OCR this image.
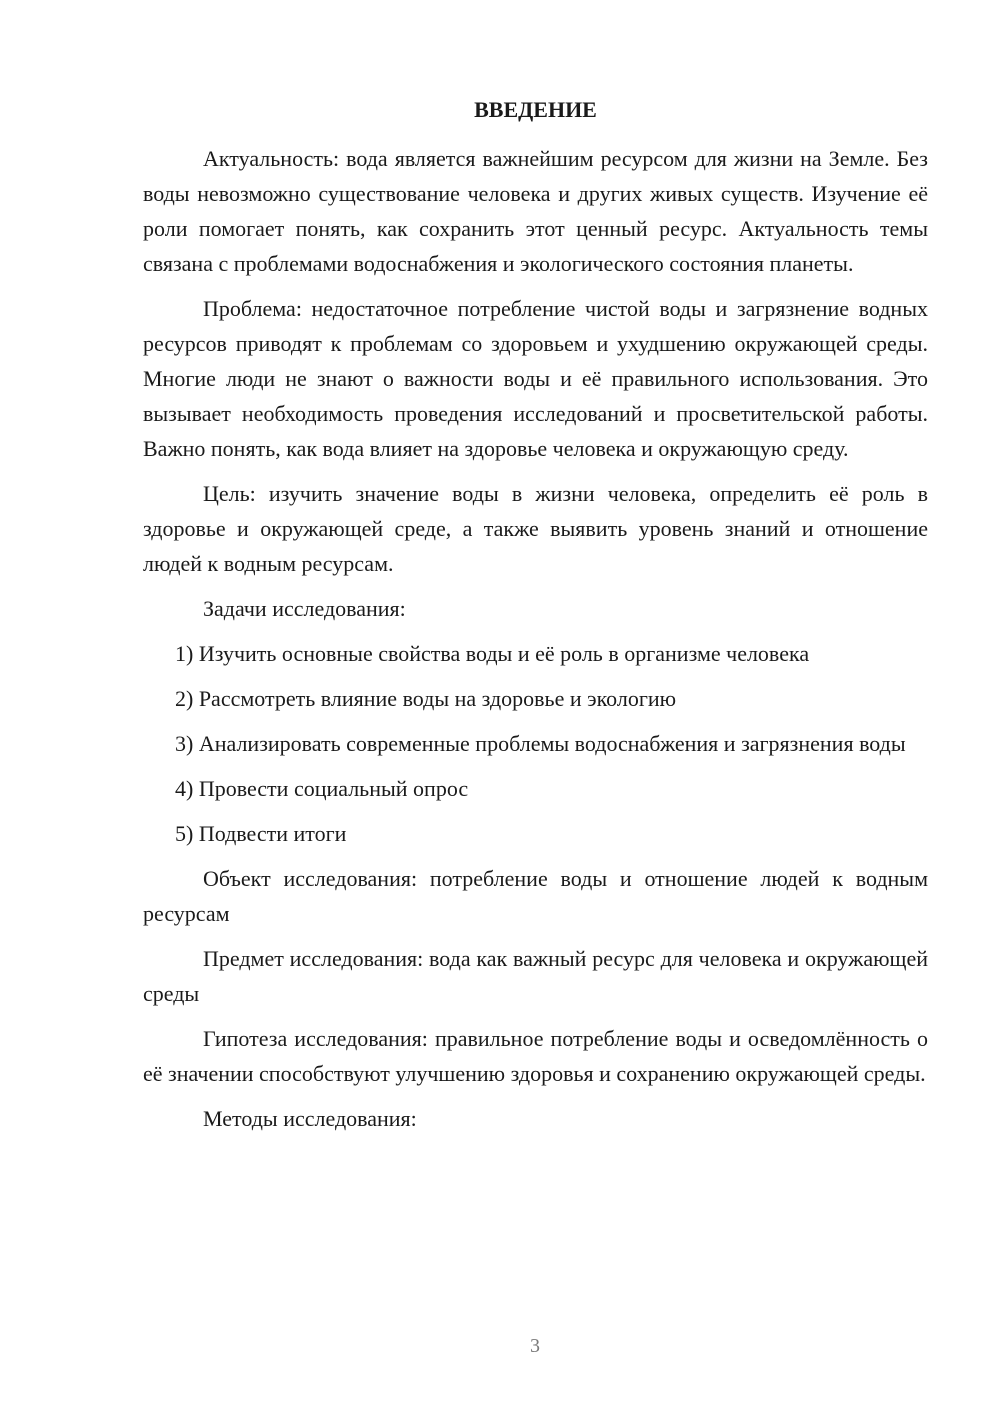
ВВЕДЕНИЕ

Актуальность: вода является важнейшим ресурсом для жизни на Земле. Без воды невозможно существование человека и других живых существ. Изучение её роли помогает понять, как сохранить этот ценный ресурс. Актуальность темы связана с проблемами водоснабжения и экологического состояния планеты.

Проблема: недостаточное потребление чистой воды и загрязнение водных ресурсов приводят к проблемам со здоровьем и ухудшению окружающей среды. Многие люди не знают о важности воды и её правильного использования. Это вызывает необходимость проведения исследований и просветительской работы. Важно понять, как вода влияет на здоровье человека и окружающую среду.

Цель: изучить значение воды в жизни человека, определить её роль в здоровье и окружающей среде, а также выявить уровень знаний и отношение людей к водным ресурсам.

Задачи исследования:

1) Изучить основные свойства воды и её роль в организме человека

2) Рассмотреть влияние воды на здоровье и экологию

3) Анализировать современные проблемы водоснабжения и загрязнения воды

4) Провести социальный опрос

5) Подвести итоги

Объект исследования: потребление воды и отношение людей к водным ресурсам

Предмет исследования: вода как важный ресурс для человека и окружающей среды

Гипотеза исследования: правильное потребление воды и осведомлённость о её значении способствуют улучшению здоровья и сохранению окружающей среды.

Методы исследования:

3
